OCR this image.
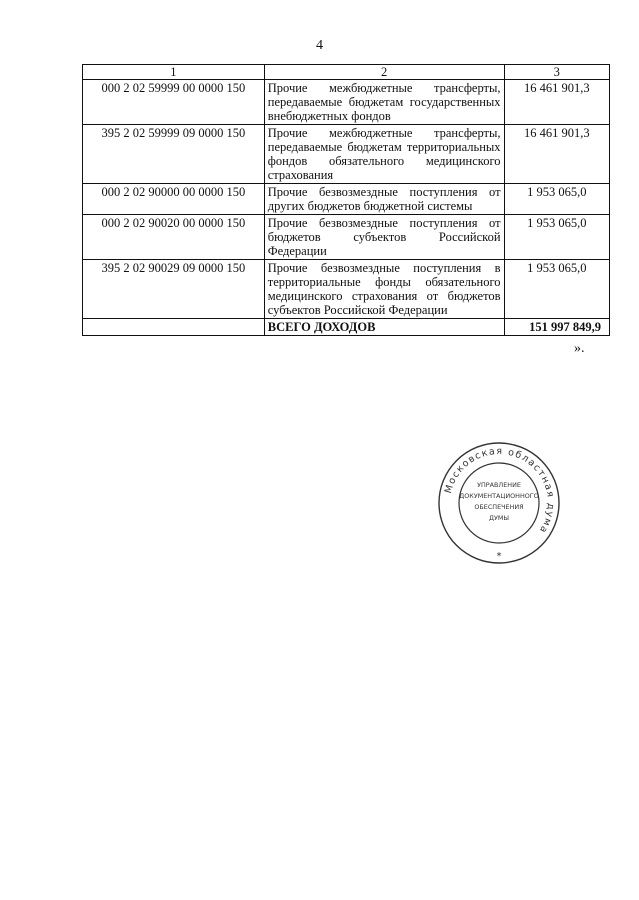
4
1	2	3
000 2 02 59999 00 0000 150	Прочие межбюджетные трансферты, передаваемые бюджетам государственных внебюджетных фондов	16 461 901,3
395 2 02 59999 09 0000 150	Прочие межбюджетные трансферты, передаваемые бюджетам территориальных фондов обязательного медицинского страхования	16 461 901,3
000 2 02 90000 00 0000 150	Прочие безвозмездные поступления от других бюджетов бюджетной системы	1 953 065,0
000 2 02 90020 00 0000 150	Прочие безвозмездные поступления от бюджетов субъектов Российской Федерации	1 953 065,0
395 2 02 90029 09 0000 150	Прочие безвозмездные поступления в территориальные фонды обязательного медицинского страхования от бюджетов субъектов Российской Федерации	1 953 065,0
	ВСЕГО ДОХОДОВ	151 997 849,9
».
Московская областная дума
УПРАВЛЕНИЕ
ДОКУМЕНТАЦИОННОГО
ОБЕСПЕЧЕНИЯ
ДУМЫ
*
